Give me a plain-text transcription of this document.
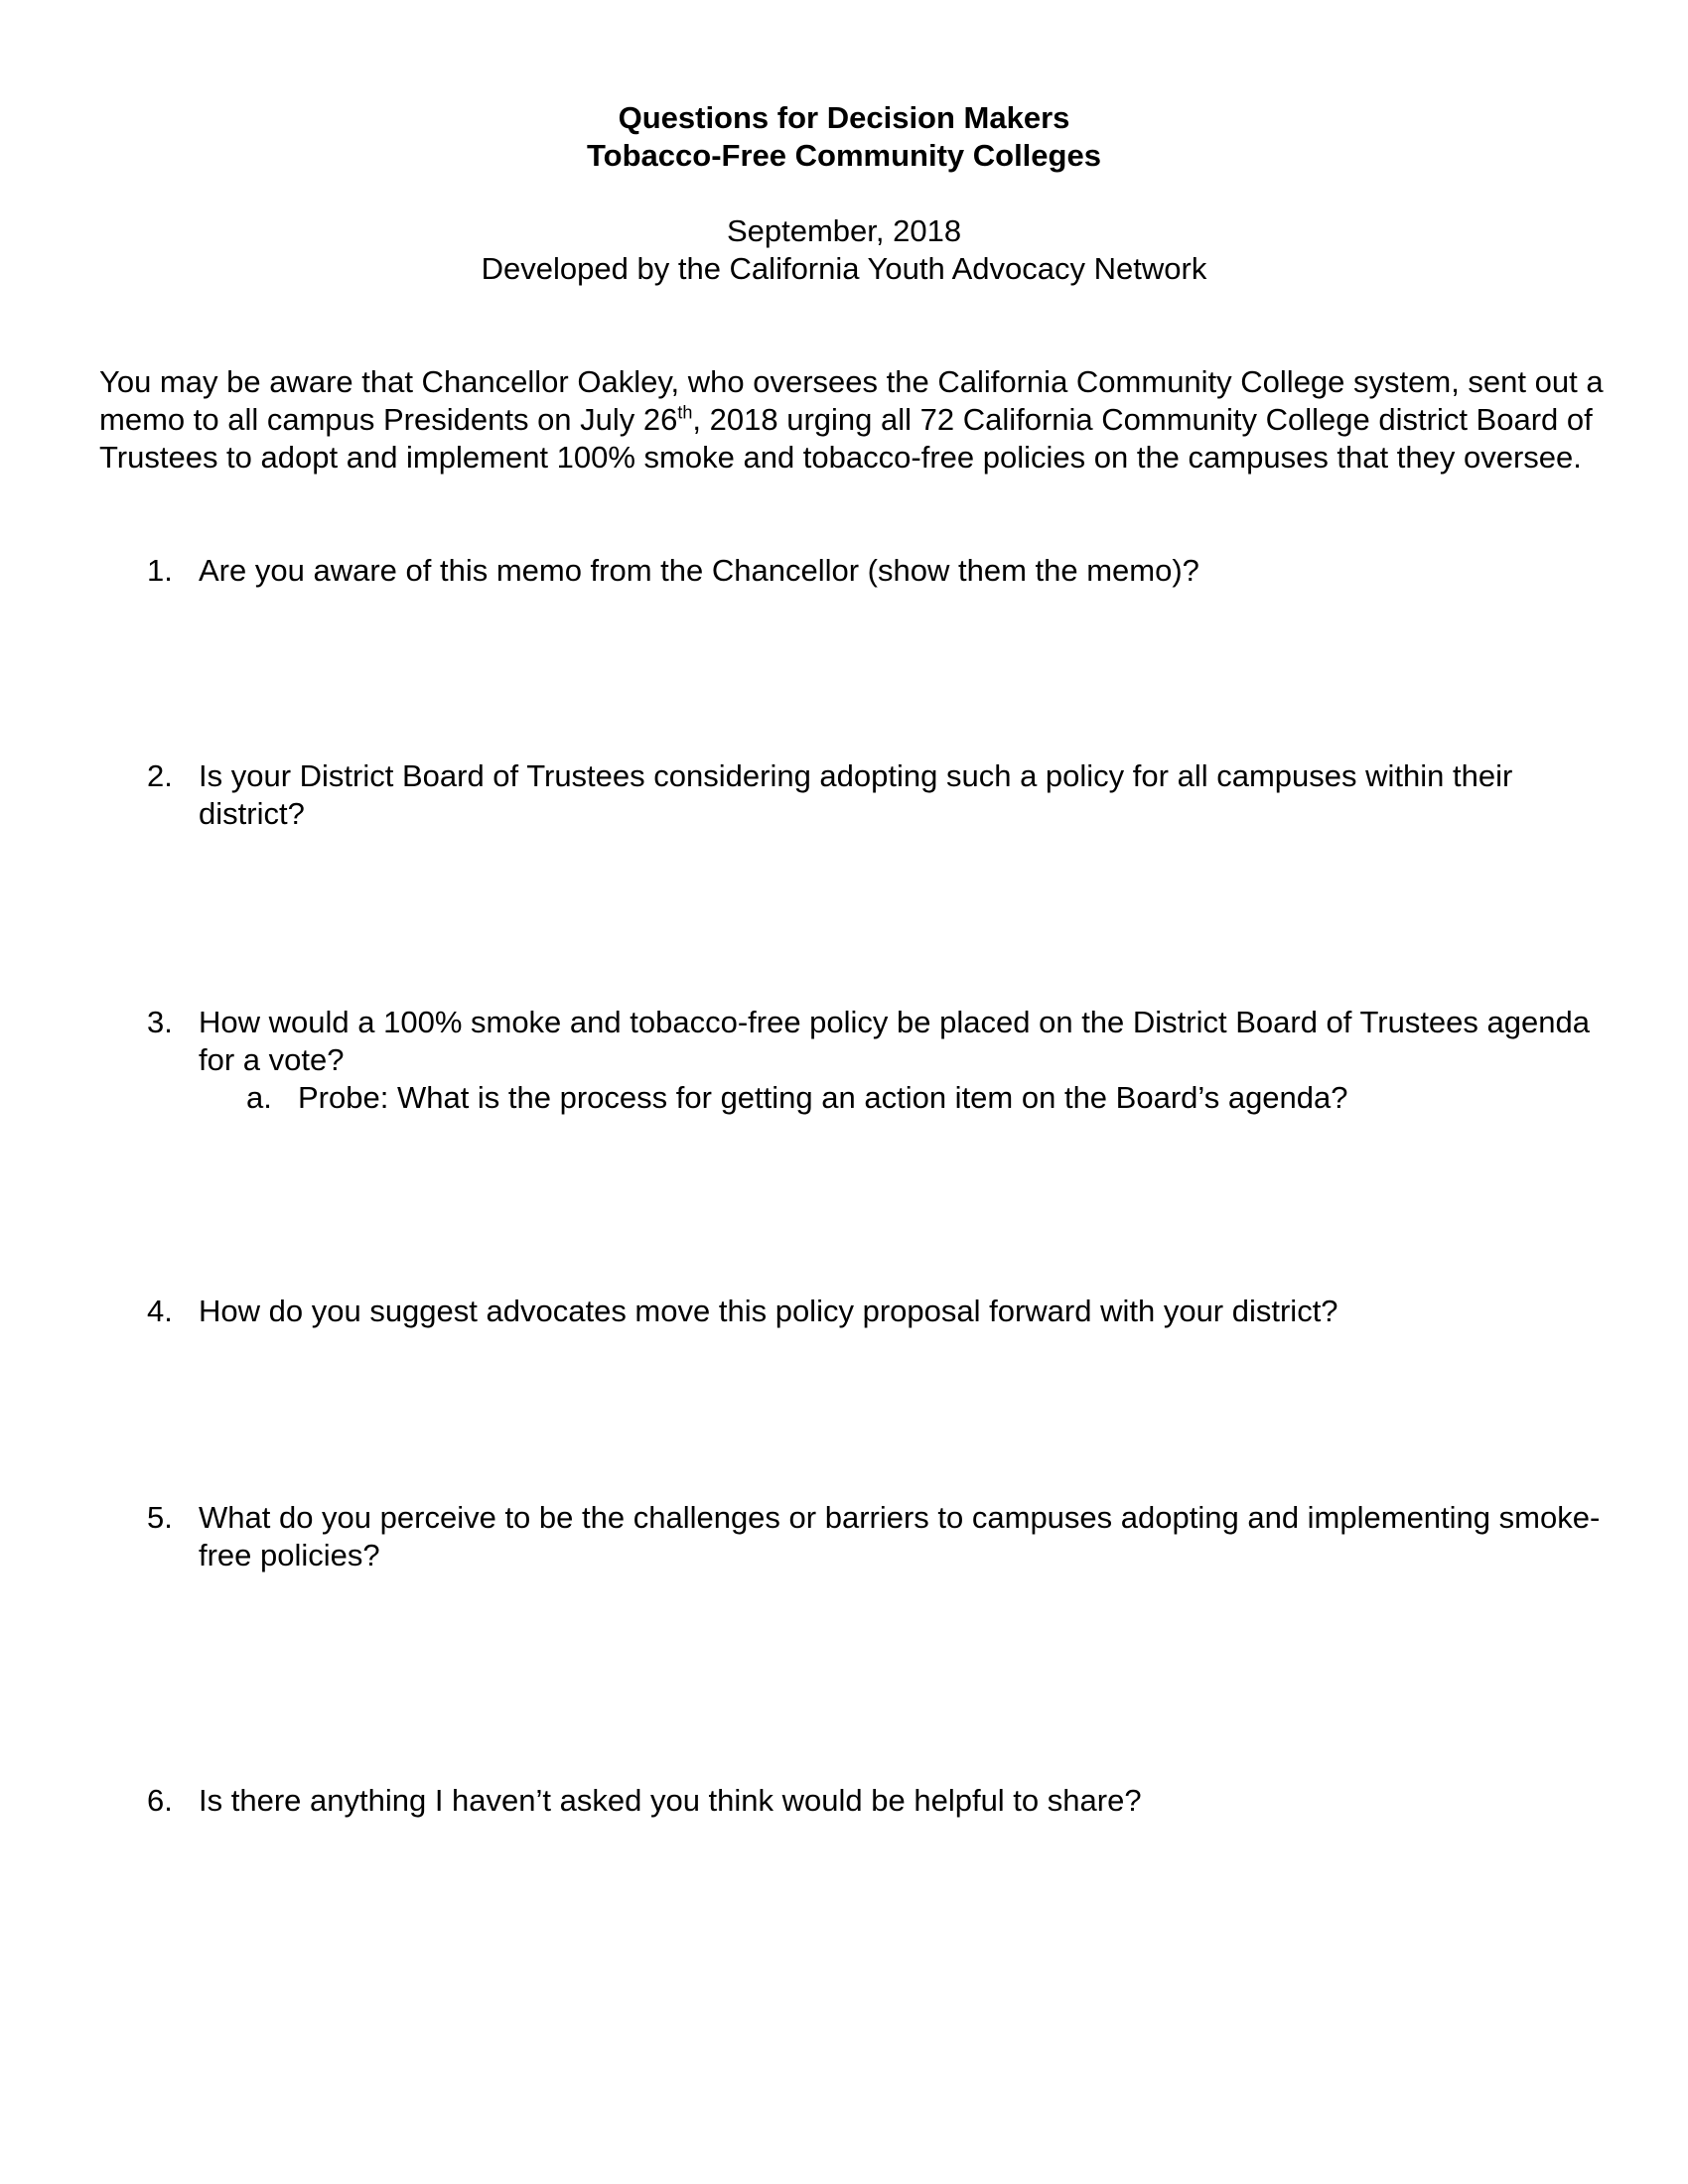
Questions for Decision Makers
Tobacco-Free Community Colleges

September, 2018

Developed by the California Youth Advocacy Network

You may be aware that Chancellor Oakley, who oversees the California Community College system, sent out a memo to all campus Presidents on July 26th, 2018 urging all 72 California Community College district Board of Trustees to adopt and implement 100% smoke and tobacco-free policies on the campuses that they oversee.

1. Are you aware of this memo from the Chancellor (show them the memo)?
2. Is your District Board of Trustees considering adopting such a policy for all campuses within their district?
3. How would a 100% smoke and tobacco-free policy be placed on the District Board of Trustees agenda for a vote?
a. Probe: What is the process for getting an action item on the Board’s agenda?
4. How do you suggest advocates move this policy proposal forward with your district?
5. What do you perceive to be the challenges or barriers to campuses adopting and implementing smoke-free policies?
6. Is there anything I haven’t asked you think would be helpful to share?
